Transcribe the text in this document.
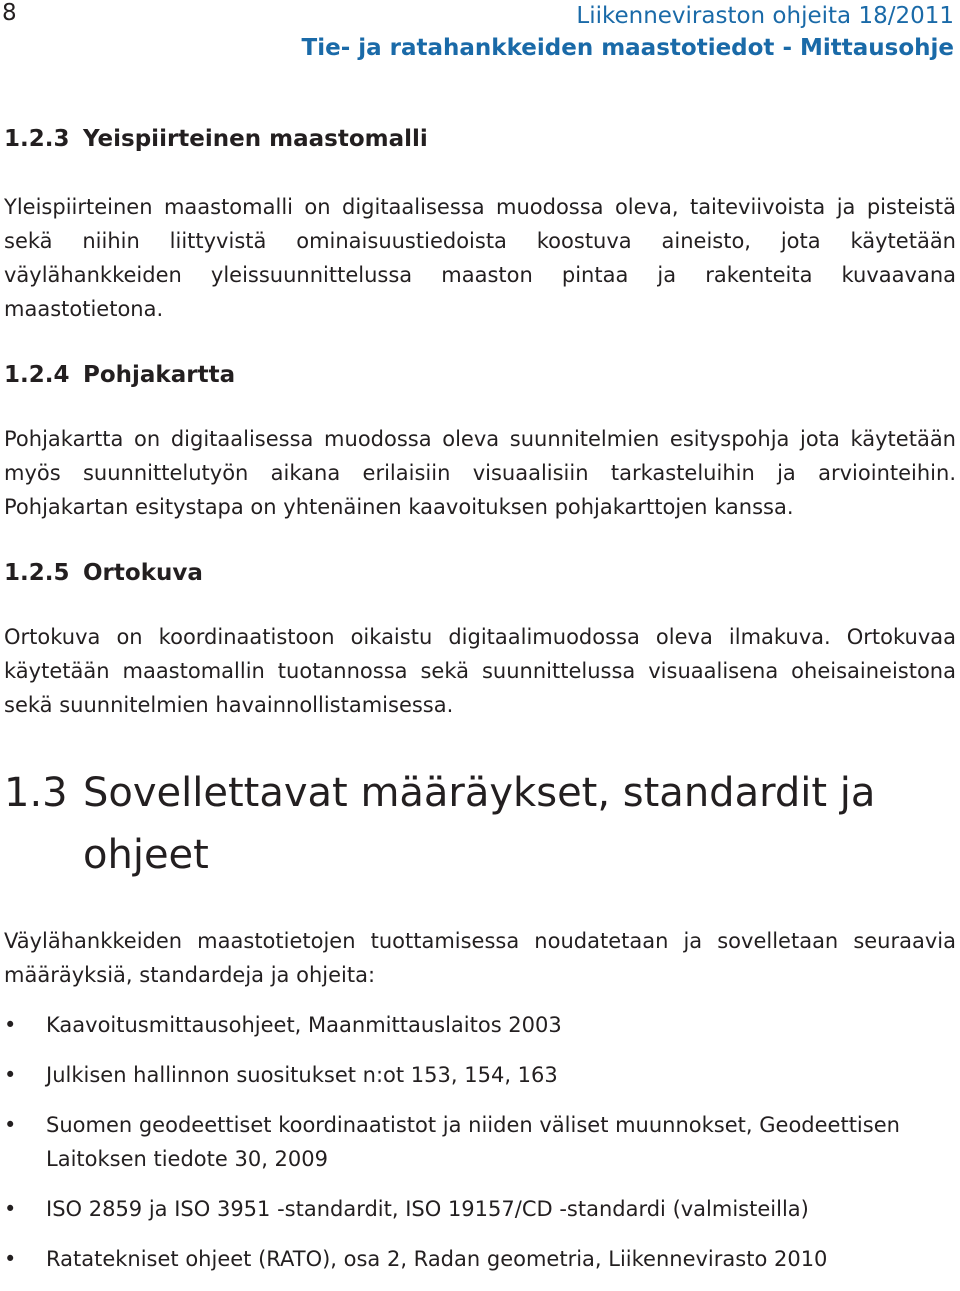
8	Liikenneviraston ohjeita 18/2011
Tie- ja ratahankkeiden maastotiedot - Mittausohje
1.2.3 Yeispiirteinen maastomalli

Yleispiirteinen maastomalli on digitaalisessa muodossa oleva, taiteviivoista ja pisteistä sekä niihin liittyvistä ominaisuustiedoista koostuva aineisto, jota käytetään väylähankkeiden yleissuunnittelussa maaston pintaa ja rakenteita kuvaavana maastotietona.

1.2.4 Pohjakartta

Pohjakartta on digitaalisessa muodossa oleva suunnitelmien esityspohja jota käytetään myös suunnittelutyön aikana erilaisiin visuaalisiin tarkasteluihin ja arviointeihin. Pohjakartan esitystapa on yhtenäinen kaavoituksen pohjakarttojen kanssa.

1.2.5 Ortokuva

Ortokuva on koordinaatistoon oikaistu digitaalimuodossa oleva ilmakuva. Ortokuvaa käytetään maastomallin tuotannossa sekä suunnittelussa visuaalisena oheisaineistona sekä suunnitelmien havainnollistamisessa.

1.3 Sovellettavat määräykset, standardit ja ohjeet

Väylähankkeiden maastotietojen tuottamisessa noudatetaan ja sovelletaan seuraavia määräyksiä, standardeja ja ohjeita:

• Kaavoitusmittausohjeet, Maanmittauslaitos 2003
• Julkisen hallinnon suositukset n:ot 153, 154, 163
• Suomen geodeettiset koordinaatistot ja niiden väliset muunnokset, Geodeettisen Laitoksen tiedote 30, 2009
• ISO 2859 ja ISO 3951 -standardit, ISO 19157/CD -standardi (valmisteilla)
• Ratatekniset ohjeet (RATO), osa 2, Radan geometria, Liikennevirasto 2010
